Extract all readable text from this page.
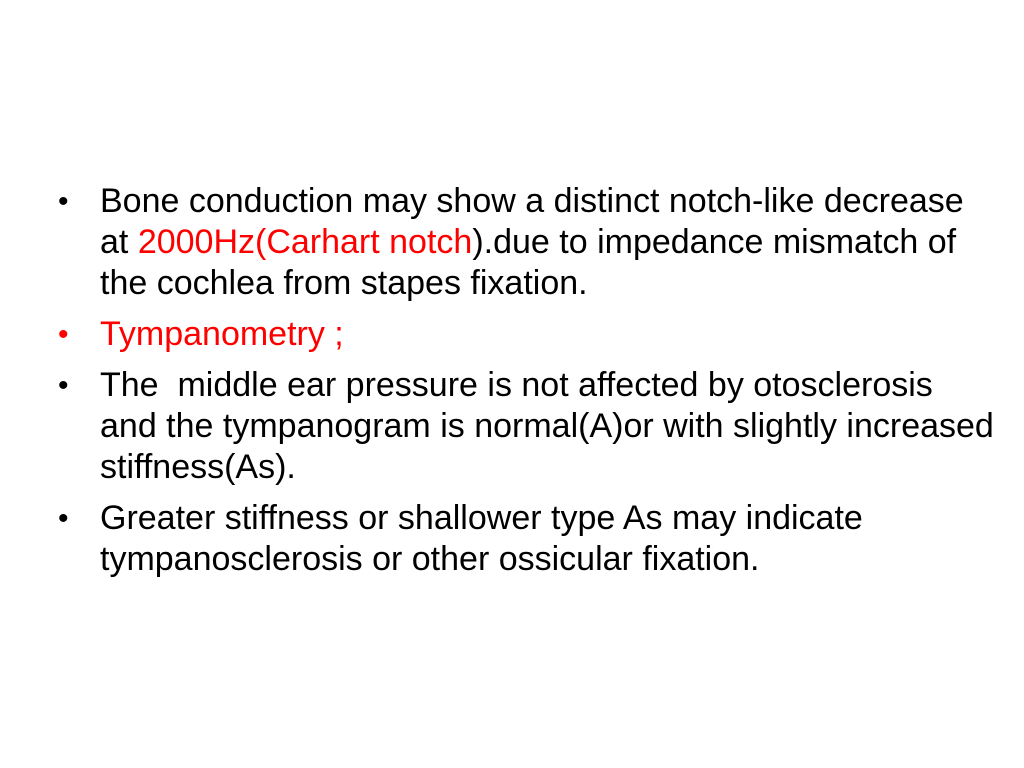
• Bone conduction may show a distinct notch-like decrease at 2000Hz(Carhart notch).due to impedance mismatch of the cochlea from stapes fixation.
• Tympanometry ;
• The  middle ear pressure is not affected by otosclerosis and the tympanogram is normal(A)or with slightly increased stiffness(As).
• Greater stiffness or shallower type As may indicate tympanosclerosis or other ossicular fixation.
